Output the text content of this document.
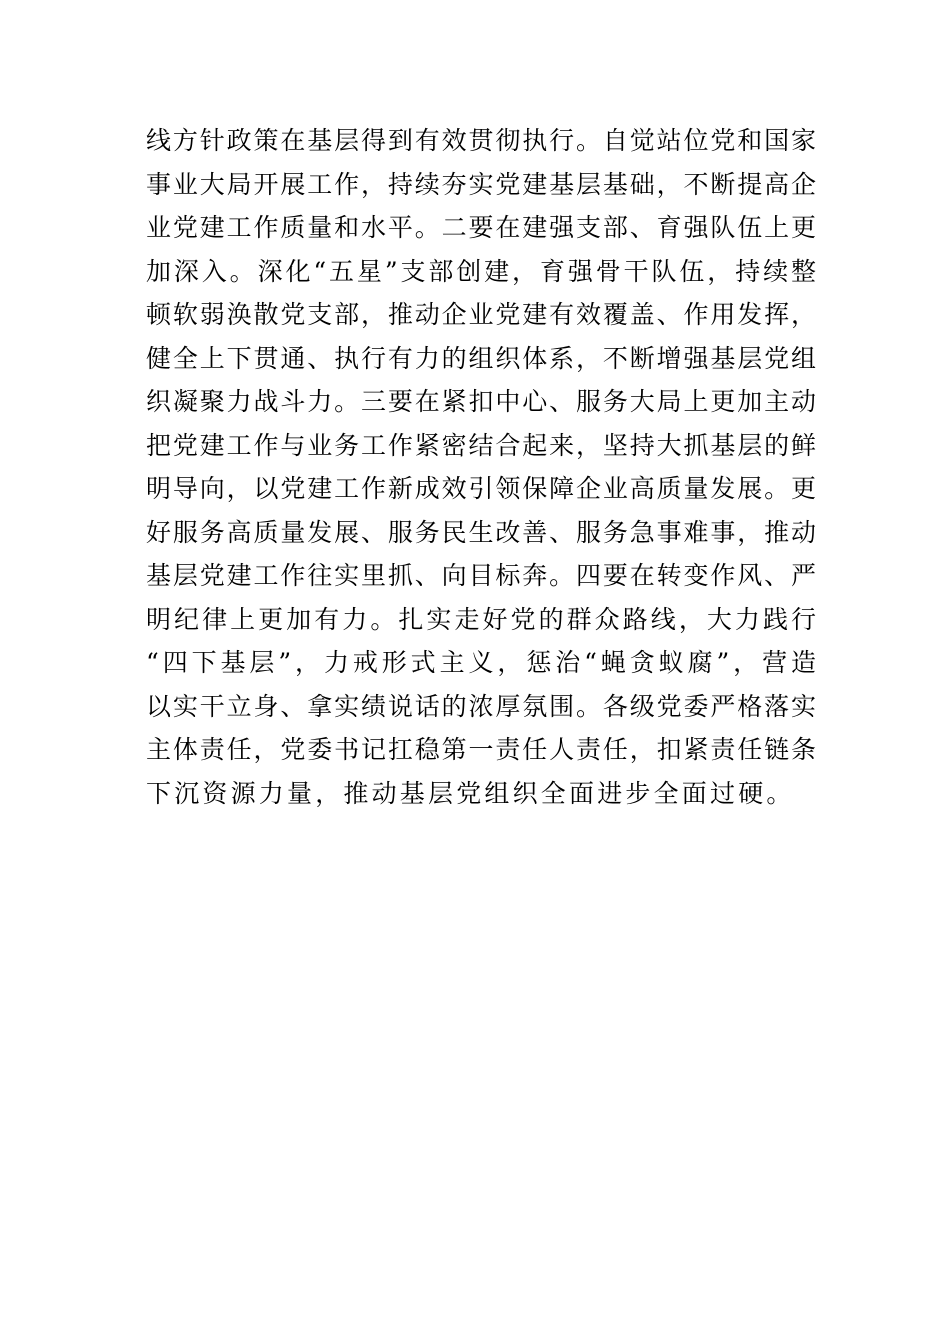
线方针政策在基层得到有效贯彻执行。自觉站位党和国家
事业大局开展工作，持续夯实党建基层基础，不断提高企
业党建工作质量和水平。二要在建强支部、育强队伍上更
加深入。深化“五星”支部创建，育强骨干队伍，持续整
顿软弱涣散党支部，推动企业党建有效覆盖、作用发挥，
健全上下贯通、执行有力的组织体系，不断增强基层党组
织凝聚力战斗力。三要在紧扣中心、服务大局上更加主动
把党建工作与业务工作紧密结合起来，坚持大抓基层的鲜
明导向，以党建工作新成效引领保障企业高质量发展。更
好服务高质量发展、服务民生改善、服务急事难事，推动
基层党建工作往实里抓、向目标奔。四要在转变作风、严
明纪律上更加有力。扎实走好党的群众路线，大力践行
“四下基层”，力戒形式主义，惩治“蝇贪蚁腐”，营造
以实干立身、拿实绩说话的浓厚氛围。各级党委严格落实
主体责任，党委书记扛稳第一责任人责任，扣紧责任链条
下沉资源力量，推动基层党组织全面进步全面过硬。
